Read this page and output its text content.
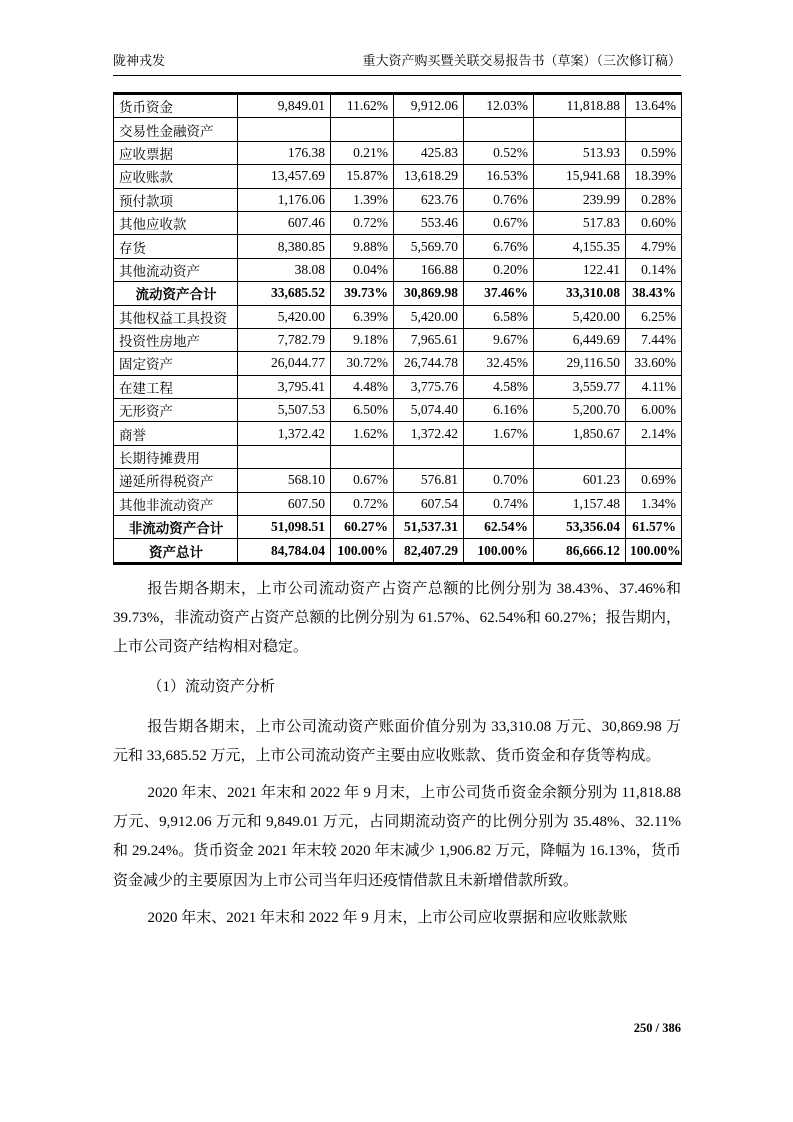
陇神戎发	重大资产购买暨关联交易报告书（草案）（三次修订稿）
货币资金	9,849.01	11.62%	9,912.06	12.03%	11,818.88	13.64%
交易性金融资产						
应收票据	176.38	0.21%	425.83	0.52%	513.93	0.59%
应收账款	13,457.69	15.87%	13,618.29	16.53%	15,941.68	18.39%
预付款项	1,176.06	1.39%	623.76	0.76%	239.99	0.28%
其他应收款	607.46	0.72%	553.46	0.67%	517.83	0.60%
存货	8,380.85	9.88%	5,569.70	6.76%	4,155.35	4.79%
其他流动资产	38.08	0.04%	166.88	0.20%	122.41	0.14%
流动资产合计	33,685.52	39.73%	30,869.98	37.46%	33,310.08	38.43%
其他权益工具投资	5,420.00	6.39%	5,420.00	6.58%	5,420.00	6.25%
投资性房地产	7,782.79	9.18%	7,965.61	9.67%	6,449.69	7.44%
固定资产	26,044.77	30.72%	26,744.78	32.45%	29,116.50	33.60%
在建工程	3,795.41	4.48%	3,775.76	4.58%	3,559.77	4.11%
无形资产	5,507.53	6.50%	5,074.40	6.16%	5,200.70	6.00%
商誉	1,372.42	1.62%	1,372.42	1.67%	1,850.67	2.14%
长期待摊费用						
递延所得税资产	568.10	0.67%	576.81	0.70%	601.23	0.69%
其他非流动资产	607.50	0.72%	607.54	0.74%	1,157.48	1.34%
非流动资产合计	51,098.51	60.27%	51,537.31	62.54%	53,356.04	61.57%
资产总计	84,784.04	100.00%	82,407.29	100.00%	86,666.12	100.00%

报告期各期末，上市公司流动资产占资产总额的比例分别为 38.43%、37.46%和 39.73%，非流动资产占资产总额的比例分别为 61.57%、62.54%和 60.27%；报告期内，上市公司资产结构相对稳定。

（1）流动资产分析

报告期各期末，上市公司流动资产账面价值分别为 33,310.08 万元、30,869.98 万元和 33,685.52 万元，上市公司流动资产主要由应收账款、货币资金和存货等构成。

2020 年末、2021 年末和 2022 年 9 月末，上市公司货币资金余额分别为 11,818.88 万元、9,912.06 万元和 9,849.01 万元，占同期流动资产的比例分别为 35.48%、32.11%和 29.24%。货币资金 2021 年末较 2020 年末减少 1,906.82 万元，降幅为 16.13%，货币资金减少的主要原因为上市公司当年归还疫情借款且未新增借款所致。

2020 年末、2021 年末和 2022 年 9 月末，上市公司应收票据和应收账款账

250 / 386
